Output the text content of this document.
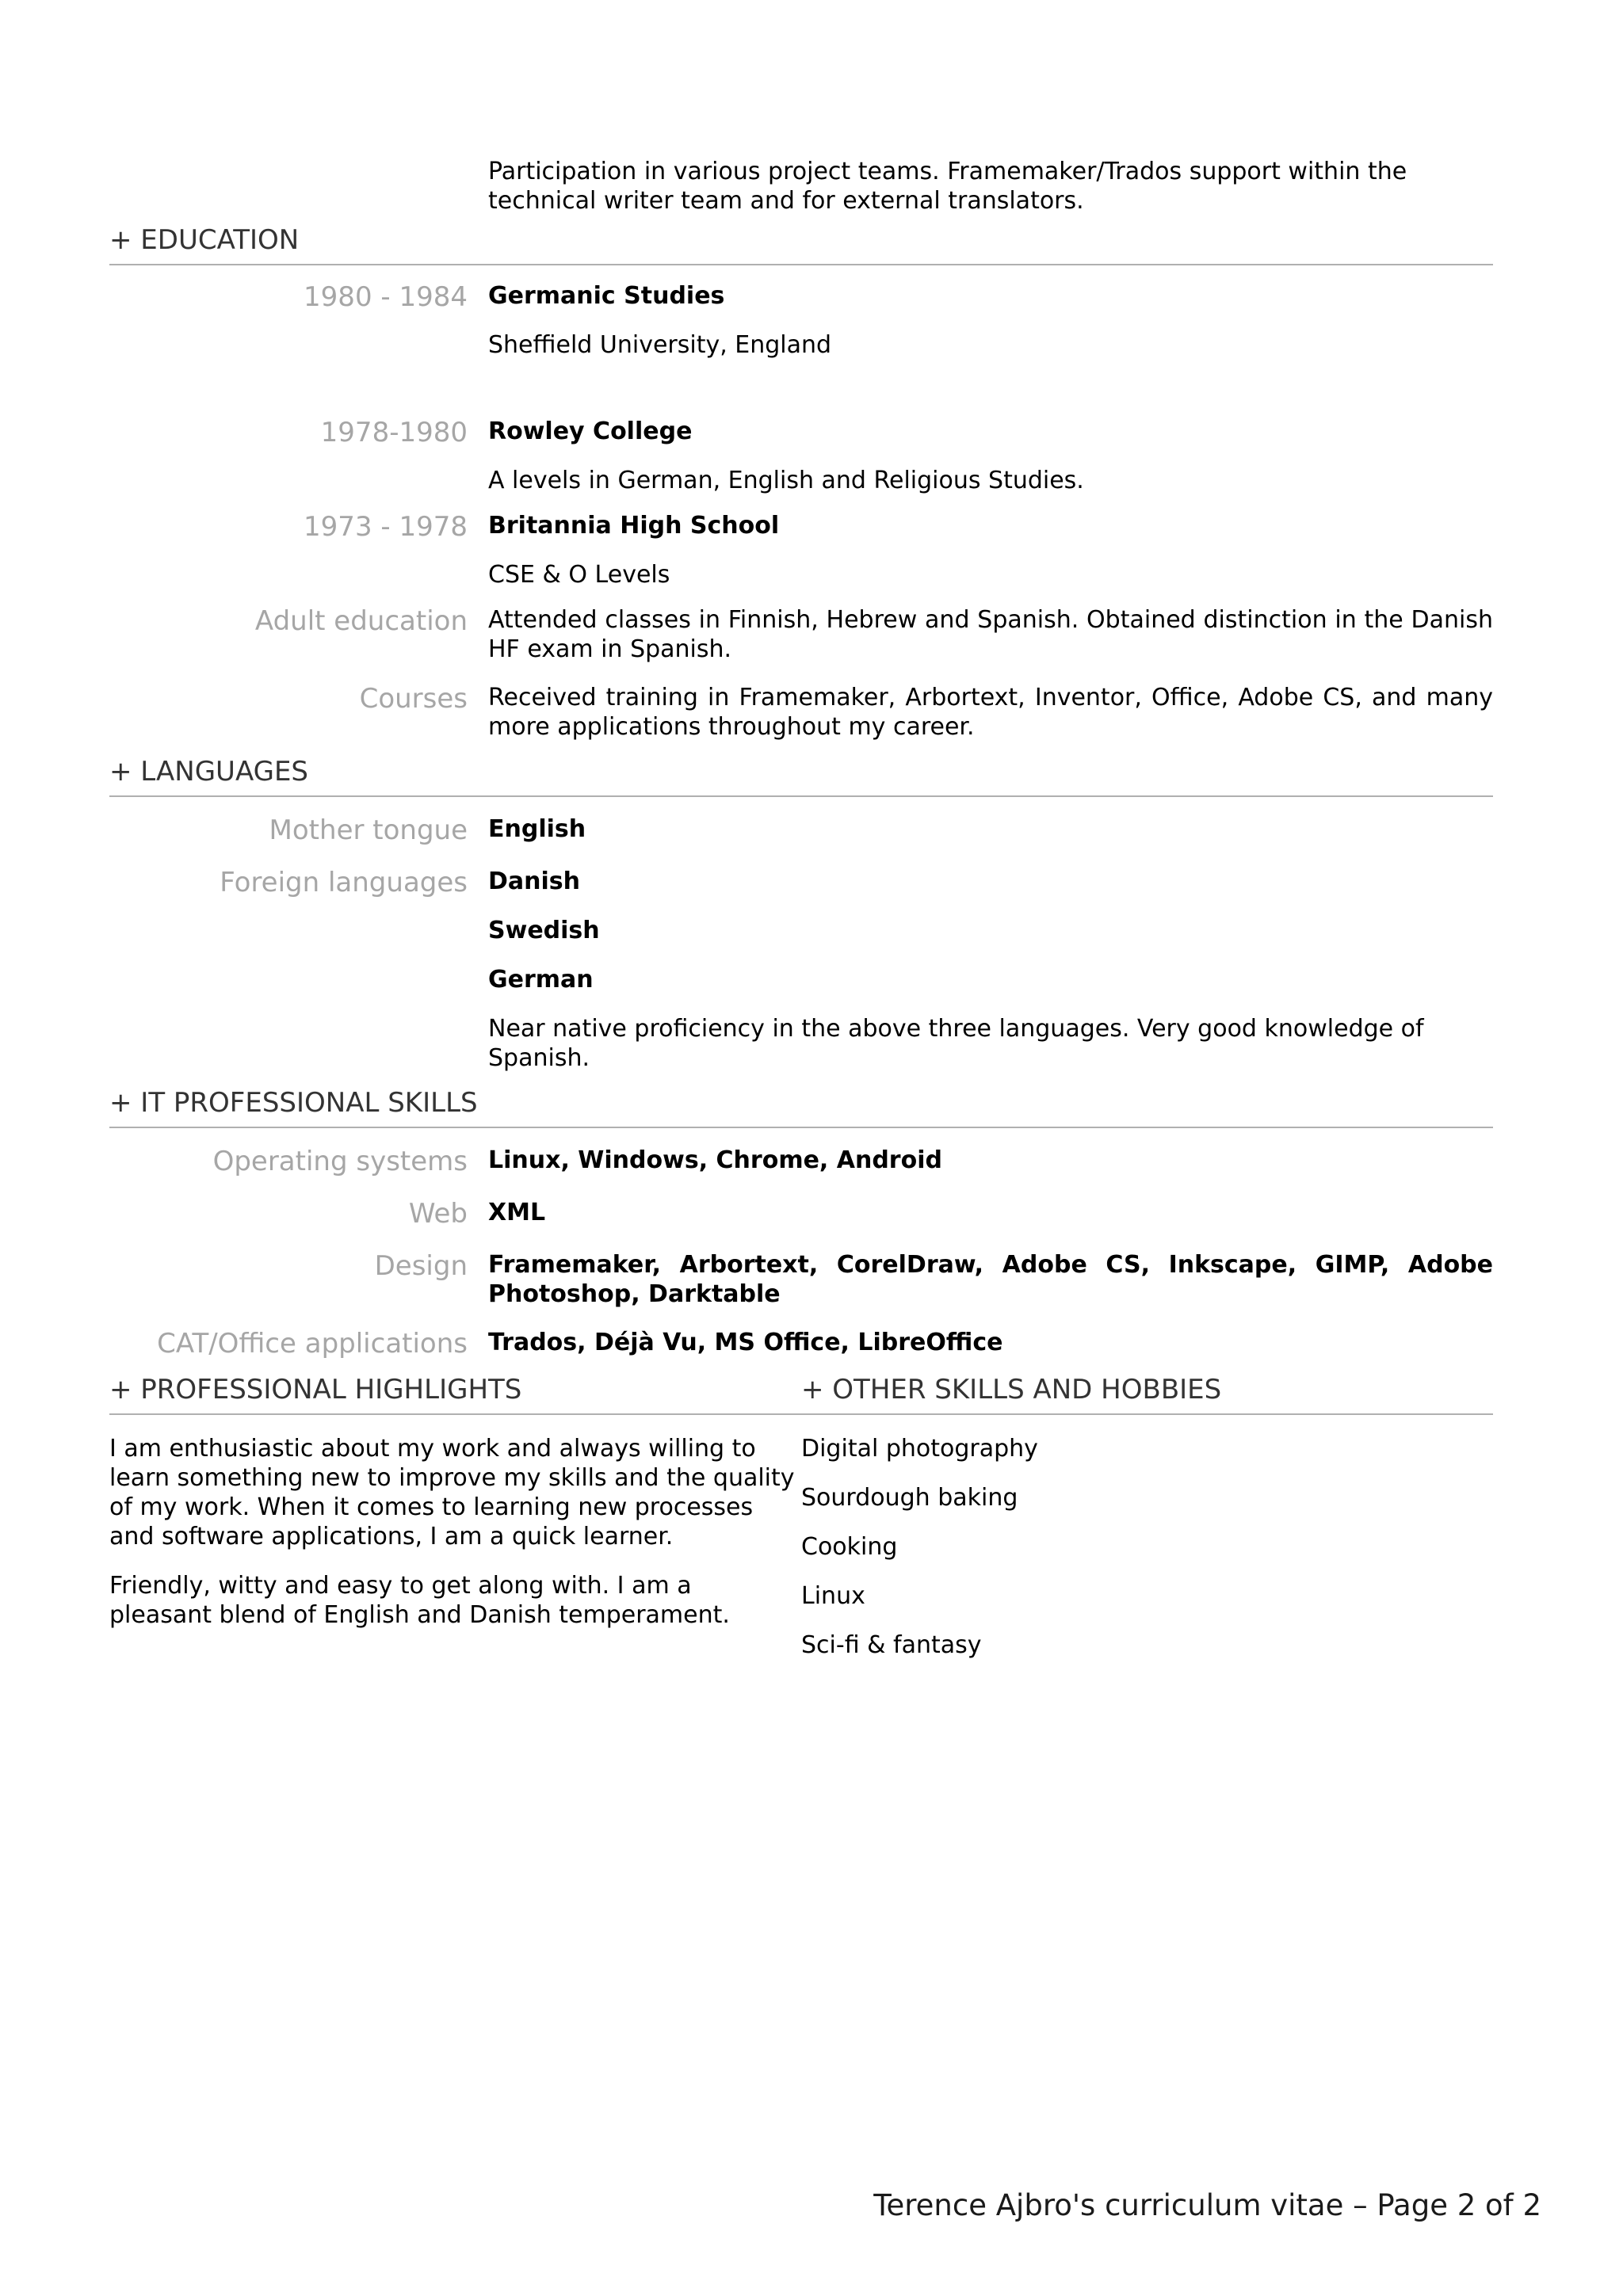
Participation in various project teams. Framemaker/Trados support within the technical writer team and for external translators.
+ EDUCATION
1980 - 1984 Germanic Studies
Sheffield University, England
1978-1980 Rowley College
A levels in German, English and Religious Studies.
1973 - 1978 Britannia High School
CSE & O Levels
Adult education Attended classes in Finnish, Hebrew and Spanish. Obtained distinction in the Danish HF exam in Spanish.
Courses Received training in Framemaker, Arbortext, Inventor, Office, Adobe CS, and many more applications throughout my career.
+ LANGUAGES
Mother tongue English
Foreign languages Danish
Swedish
German
Near native proficiency in the above three languages. Very good knowledge of Spanish.
+ IT PROFESSIONAL SKILLS
Operating systems Linux, Windows, Chrome, Android
Web XML
Design Framemaker, Arbortext, CorelDraw, Adobe CS, Inkscape, GIMP, Adobe Photoshop, Darktable
CAT/Office applications Trados, Déjà Vu, MS Office, LibreOffice
+ PROFESSIONAL HIGHLIGHTS
I am enthusiastic about my work and always willing to learn something new to improve my skills and the quality of my work. When it comes to learning new processes and software applications, I am a quick learner.
Friendly, witty and easy to get along with. I am a pleasant blend of English and Danish temperament.
+ OTHER SKILLS AND HOBBIES
Digital photography
Sourdough baking
Cooking
Linux
Sci-fi & fantasy
Terence Ajbro's curriculum vitae – Page 2 of 2
